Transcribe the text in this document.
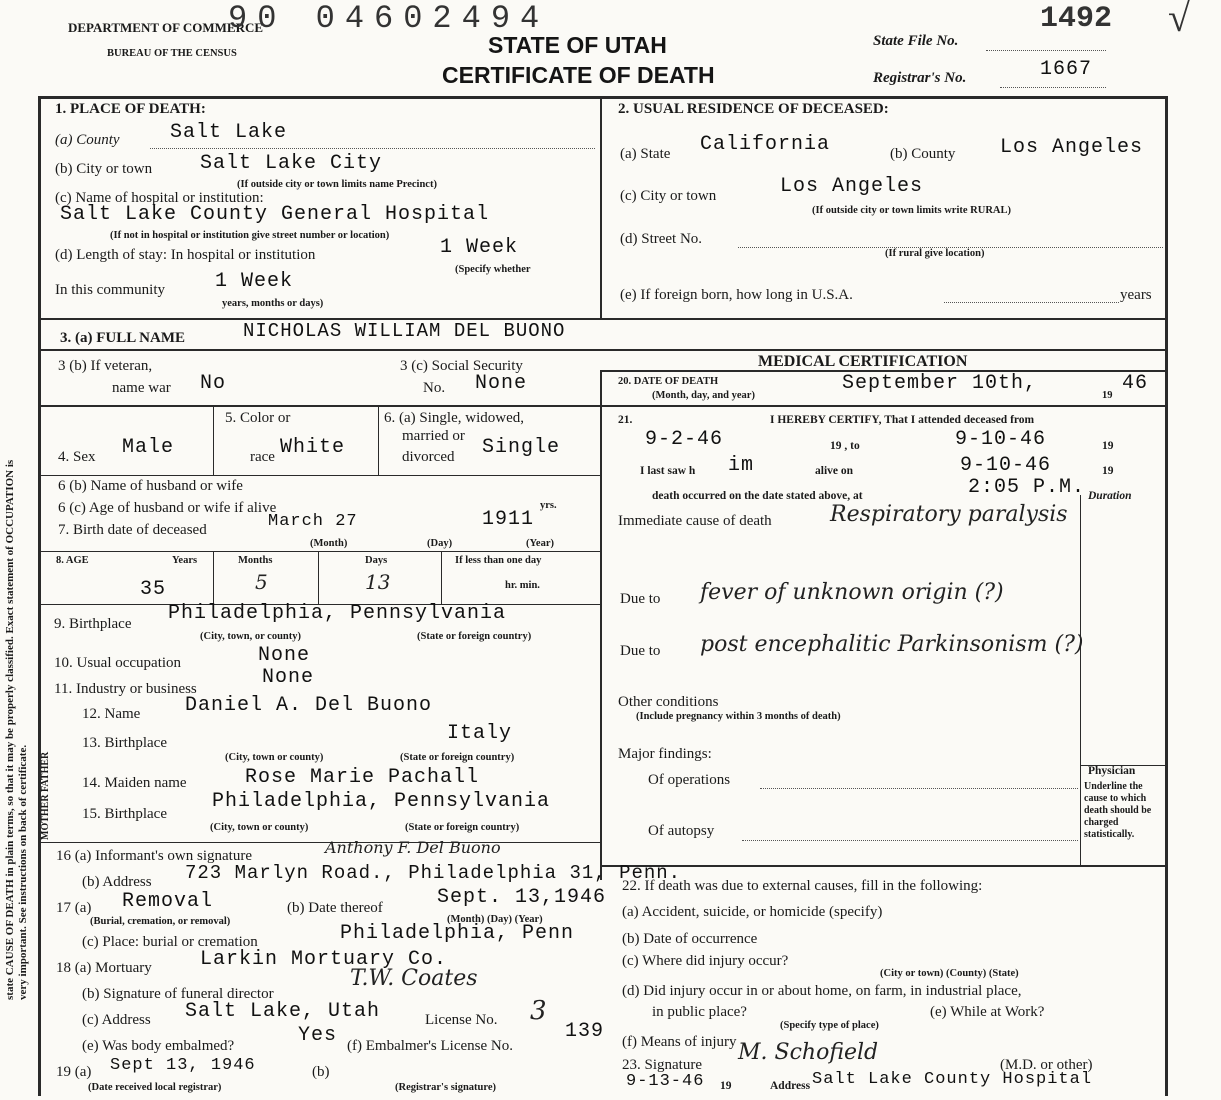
state CAUSE OF DEATH in plain terms, so that it may be properly classified. Exact statement of OCCUPATION is very important. See instructions on back of certificate.
DEPARTMENT OF COMMERCE
BUREAU OF THE CENSUS
90 04602494
STATE OF UTAH
CERTIFICATE OF DEATH
State File No.
1492 √
Registrar's No.	1667
1. PLACE OF DEATH:
(a) County	Salt Lake
(b) City or town Salt Lake City
(If outside city or town limits name Precinct)
(c) Name of hospital or institution:
Salt Lake County General Hospital
(If not in hospital or institution give street number or location)
(d) Length of stay: In hospital or institution	1 Week
(Specify whether
In this community	1 Week
years, months or days)
2. USUAL RESIDENCE OF DECEASED:
(a) State California	(b) County Los Angeles
(c) City or town	Los Angeles
(If outside city or town limits write RURAL)
(d) Street No.
(If rural give location)
(e) If foreign born, how long in U.S.A.	years
3. (a) FULL NAME	NICHOLAS WILLIAM DEL BUONO
3 (b) If veteran,
name war No
3 (c) Social Security
No. None
4. Sex Male
5. Color or
race White
6. (a) Single, widowed,
married or
divorced Single
6 (b) Name of husband or wife
6 (c) Age of husband or wife if alive	yrs.
7. Birth date of deceased	March 27	1911
(Month)	(Day)	(Year)
8. AGE	Years	Months	Days	If less than one day
hr. min.
35	5	13
9. Birthplace Philadelphia, Pennsylvania
(City, town, or county)	(State or foreign country)
10. Usual occupation	None
11. Industry or business	None
MOTHER FATHER
12. Name Daniel A. Del Buono
13. Birthplace	Italy
(City, town or county)	(State or foreign country)
14. Maiden name	Rose Marie Pachall
15. Birthplace
Philadelphia, Pennsylvania
(City, town or county)	(State or foreign country)
16 (a) Informant's own signature	Anthony F. Del Buono
(b) Address 723 Marlyn Road., Philadelphia 31, Penn.
17 (a) Removal
(Burial, cremation, or removal)
(b) Date thereof	Sept. 13,1946
(Month) (Day) (Year)
(c) Place: burial or cremation	Philadelphia, Penn
18 (a) Mortuary Larkin Mortuary Co.
(b) Signature of funeral director
T.W. Coates
(c) Address Salt Lake, Utah	License No. 3
(e) Was body embalmed?	Yes (f) Embalmer's License No.
139
19 (a) Sept 13, 1946
(Date received local registrar)
(b)
(Registrar's signature)
MEDICAL CERTIFICATION
20. DATE OF DEATH
(Month, day, and year)
September 10th,
19
46
21.	I HEREBY CERTIFY, That I attended deceased from
9-2-46	19 , to	9-10-46	19
I last saw h im	alive on	9-10-46	19
death occurred on the date stated above, at	2:05 P.M. Duration
Immediate cause of death	Respiratory paralysis
Due to fever of unknown origin (?)
Due to post encephalitic Parkinsonism (?)
Other conditions
(Include pregnancy within 3 months of death)
Major findings:
Of operations
Of autopsy
Physician
Underline the cause to which death should be charged statistically.
22. If death was due to external causes, fill in the following:
(a) Accident, suicide, or homicide (specify)
(b) Date of occurrence
(c) Where did injury occur?
(City or town) (County) (State)
(d) Did injury occur in or about home, on farm, in industrial place,
in public place?
(Specify type of place)
(e) While at Work?
(f) Means of injury
23. Signature M. Schofield	(M.D. or other)
9-13-46 19	Address Salt Lake County Hospital
